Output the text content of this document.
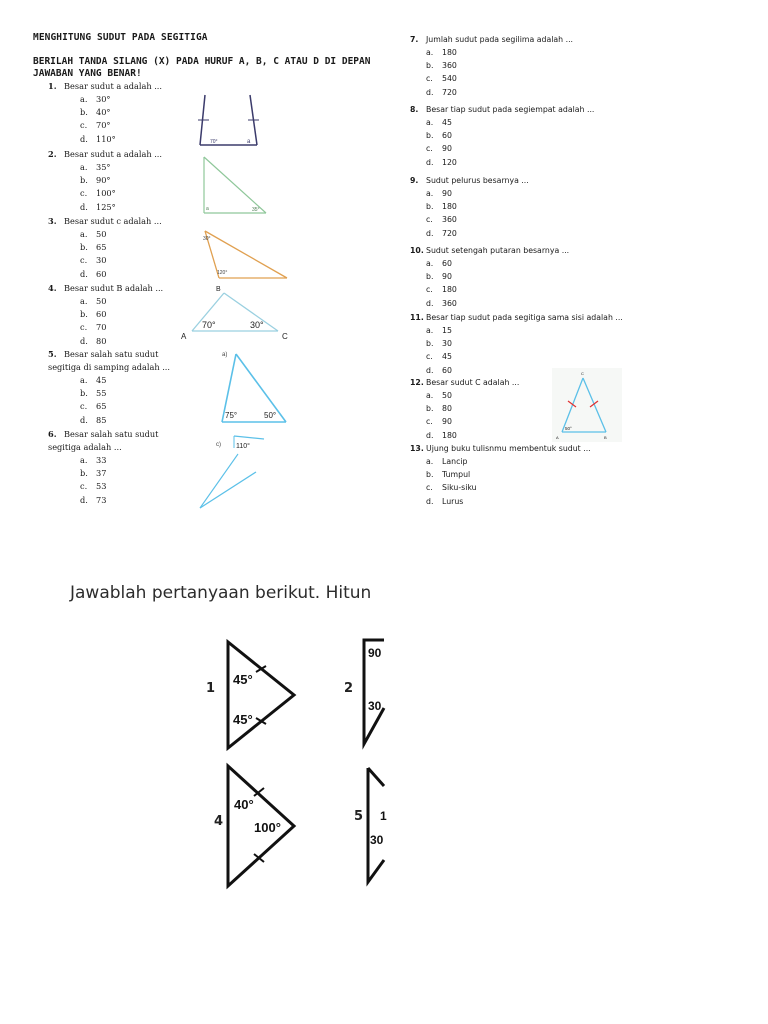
MENGHITUNG SUDUT PADA SEGITIGA
BERILAH TANDA SILANG (X) PADA HURUF A, B, C ATAU D DI DEPAN JAWABAN YANG BENAR!
1. Besar sudut a adalah ...
a. 30°
b. 40°
c. 70°
d. 110°
2. Besar sudut a adalah ...
a. 35°
b. 90°
c. 100°
d. 125°
3. Besar sudut c adalah ...
a. 50
b. 65
c. 30
d. 60
4. Besar sudut B adalah ...
a. 50
b. 60
c. 70
d. 80
5. Besar salah satu sudut segitiga di samping adalah ...
a. 45
b. 55
c. 65
d. 85
6. Besar salah satu sudut segitiga adalah ...
a. 33
b. 37
c. 53
d. 73
70°	a
35°
a
30°
120°
B
A	C
70°	30°
a)
75°	50°
c) 110°
7. Jumlah sudut pada segilima adalah ...
a. 180
b. 360
c. 540
d. 720
8. Besar tiap sudut pada segiempat adalah ...
a. 45
b. 60
c. 90
d. 120
9. Sudut pelurus besarnya ...
a. 90
b. 180
c. 360
d. 720
10. Sudut setengah putaran besarnya ...
a. 60
b. 90
c. 180
d. 360
11. Besar tiap sudut pada segitiga sama sisi adalah ...
a. 15
b. 30
c. 45
d. 60
12. Besar sudut C adalah ...
a. 50
b. 80
c. 90
d. 180
13. Ujung buku tulisnmu membentuk sudut ...
a. Lancip
b. Tumpul
c. Siku-siku
d. Lurus
C
50°
A	B
Jawablah pertanyaan berikut. Hitun
1
45°
45°
2
90
30
4
40°
100°
5 1
30
